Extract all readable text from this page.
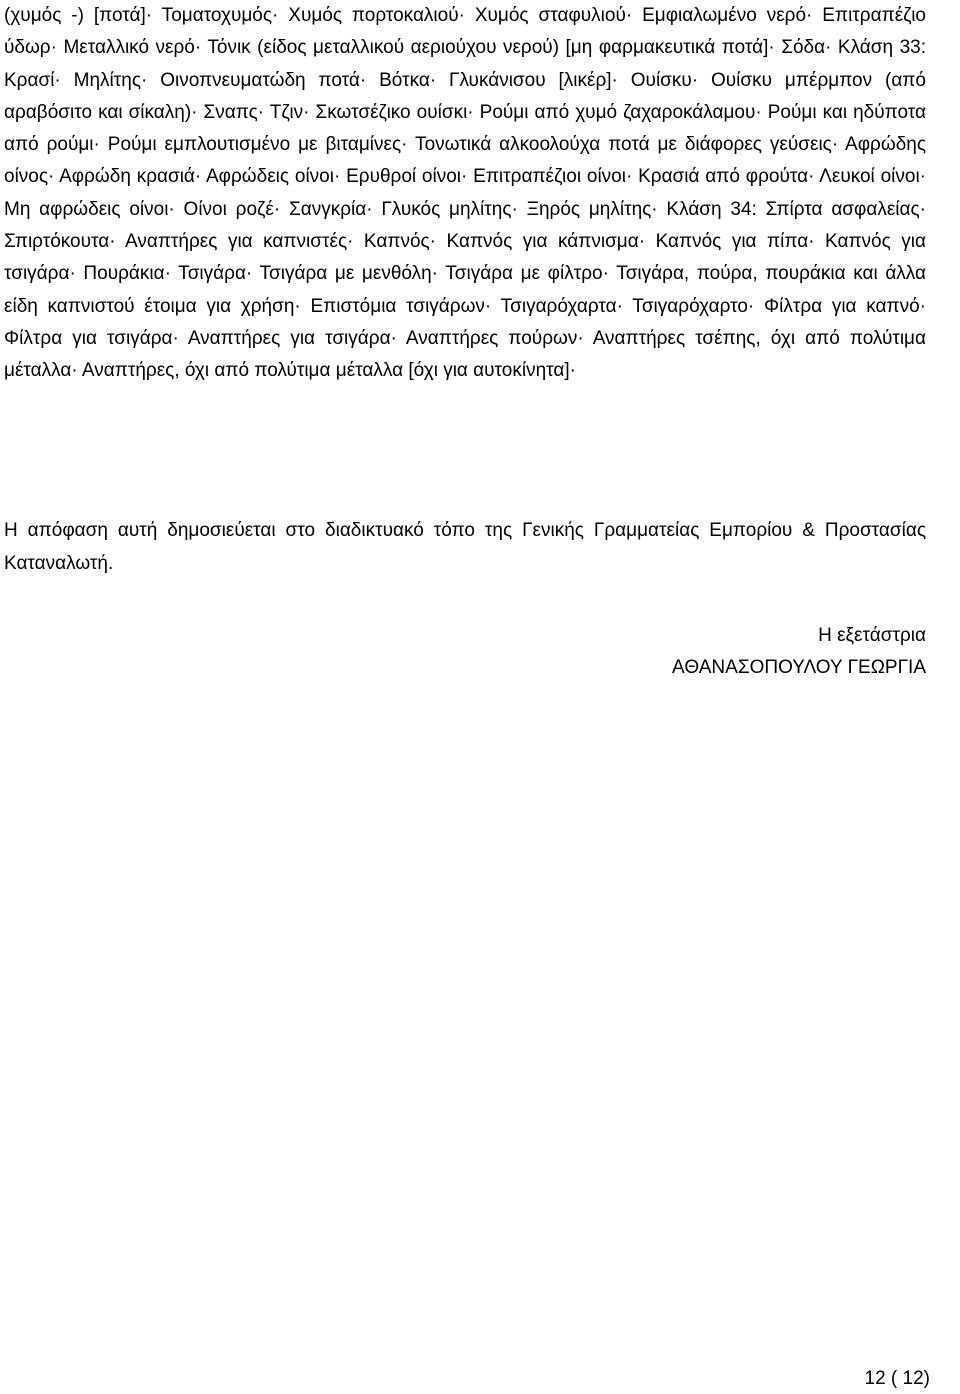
(χυμός -) [ποτά]· Τοματοχυμός· Χυμός πορτοκαλιού· Χυμός σταφυλιού· Εμφιαλωμένο νερό· Επιτραπέζιο ύδωρ· Μεταλλικό νερό· Τόνικ (είδος μεταλλικού αεριούχου νερού) [μη φαρμακευτικά ποτά]· Σόδα· Κλάση 33: Κρασί· Μηλίτης· Οινοπνευματώδη ποτά· Βότκα· Γλυκάνισου [λικέρ]· Ουίσκυ· Ουίσκυ μπέρμπον (από αραβόσιτο και σίκαλη)· Σναπς· Τζιν· Σκωτσέζικο ουίσκι· Ρούμι από χυμό ζαχαροκάλαμου· Ρούμι και ηδύποτα από ρούμι· Ρούμι εμπλουτισμένο με βιταμίνες· Τονωτικά αλκοολούχα ποτά με διάφορες γεύσεις· Αφρώδης οίνος· Αφρώδη κρασιά· Αφρώδεις οίνοι· Ερυθροί οίνοι· Επιτραπέζιοι οίνοι· Κρασιά από φρούτα· Λευκοί οίνοι· Μη αφρώδεις οίνοι· Οίνοι ροζέ· Σανγκρία· Γλυκός μηλίτης· Ξηρός μηλίτης· Κλάση 34: Σπίρτα ασφαλείας· Σπιρτόκουτα· Αναπτήρες για καπνιστές· Καπνός· Καπνός για κάπνισμα· Καπνός για πίπα· Καπνός για τσιγάρα· Πουράκια· Τσιγάρα· Τσιγάρα με μενθόλη· Τσιγάρα με φίλτρο· Τσιγάρα, πούρα, πουράκια και άλλα είδη καπνιστού έτοιμα για χρήση· Επιστόμια τσιγάρων· Τσιγαρόχαρτα· Τσιγαρόχαρτο· Φίλτρα για καπνό· Φίλτρα για τσιγάρα· Αναπτήρες για τσιγάρα· Αναπτήρες πούρων· Αναπτήρες τσέπης, όχι από πολύτιμα μέταλλα· Αναπτήρες, όχι από πολύτιμα μέταλλα [όχι για αυτοκίνητα]·

Η απόφαση αυτή δημοσιεύεται στο διαδικτυακό τόπο της Γενικής Γραμματείας Εμπορίου & Προστασίας Καταναλωτή.

Η εξετάστρια
ΑΘΑΝΑΣΟΠΟΥΛΟΥ ΓΕΩΡΓΙΑ
12 ( 12)
